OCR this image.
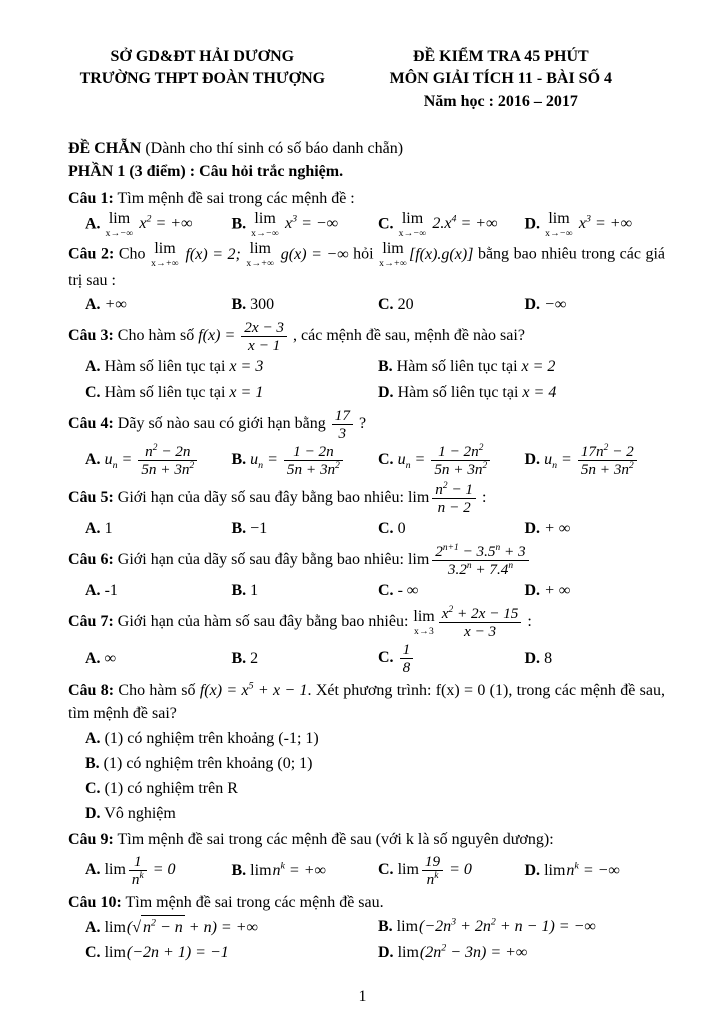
SỞ GD&ĐT HẢI DƯƠNG
TRƯỜNG THPT ĐOÀN THƯỢNG
ĐỀ KIỂM TRA 45 PHÚT
MÔN GIẢI TÍCH 11 - BÀI SỐ 4
Năm học : 2016 – 2017
ĐỀ CHẴN (Dành cho thí sinh có số báo danh chẵn)
PHẦN 1 (3 điểm) : Câu hỏi trắc nghiệm.
Câu 1: Tìm mệnh đề sai trong các mệnh đề :
A. lim
x→−∞
$x^2$ = +∞	B. lim
x→−∞
$x^3$ = −∞	C. lim
x→−∞
$2.x^4$ = +∞	D. lim
x→−∞
$x^3$ = +∞
Câu 2: Cho lim
x→+∞
f(x) = 2; lim
x→+∞
g(x) = −∞ hỏi lim
x→+∞
[f(x).g(x)] bằng bao nhiêu trong các giá trị sau :
A. +∞	B. 300	C. 20	D. −∞
Câu 3: Cho hàm số $f(x) = \frac{2x - 3}{x - 1}$ , các mệnh đề sau, mệnh đề nào sai?
A. Hàm số liên tục tại x = 3	B. Hàm số liên tục tại x = 2
C. Hàm số liên tục tại x = 1	D. Hàm số liên tục tại x = 4
Câu 4: Dãy số nào sau có giới hạn bằng $\frac{17}{3}$ ?
A. $u_n = \frac{n^2 - 2n}{5n + 3n^2} B$. $u_n = \frac{1 - 2n}{5n + 3n^2} C$. $u_n = \frac{1 - 2n^2}{5n + 3n^2} D$. $u_n = \frac{17n^2 - 2}{5n + 3n^2}$
Câu 5: Giới hạn của dãy số sau đây bằng bao nhiêu: $\lim \frac{n^2 - 1}{n - 2}$ :
A. 1	B. −1	C. 0	D. + ∞
Câu 6: Giới hạn của dãy số sau đây bằng bao nhiêu: $\lim \frac{2^{n+1} - 3.5^n + 3}{3.2^n + 7.4^n}$
A. -1	B. 1	C. - ∞	D. + ∞
Câu 7: Giới hạn của hàm số sau đây bằng bao nhiêu: lim
$x\to 3 \frac{x^2 + 2x - 15}{x - 3}$ :
A. ∞	B. 2	C. $\frac{1}{8}$	D. 8
Câu 8: Cho hàm số $f(x) = x^5 + x - 1$. Xét phương trình: f(x) = 0 (1), trong các mệnh đề sau, tìm mệnh đề sai?
A. (1) có nghiệm trên khoảng (-1; 1)
B. (1) có nghiệm trên khoảng (0; 1)
C. (1) có nghiệm trên R
D. Vô nghiệm
Câu 9: Tìm mệnh đề sai trong các mệnh đề sau (với k là số nguyên dương):
A. $\lim \frac{1}{n^k} = 0$	B. limn$^k$ = +∞	C. $\lim \frac{19}{n^k} = 0$	D. limn$^k$ = −∞
Câu 10: Tìm mệnh đề sai trong các mệnh đề sau.
A. lim(√ $n^2 - n + n$) = +∞	B. $\lim(-2n^3 + 2n^2 + n - 1)$ = −∞
C. lim(−2n + 1) = −1	D. $\lim(2n^2 - 3n)$ = +∞
1
